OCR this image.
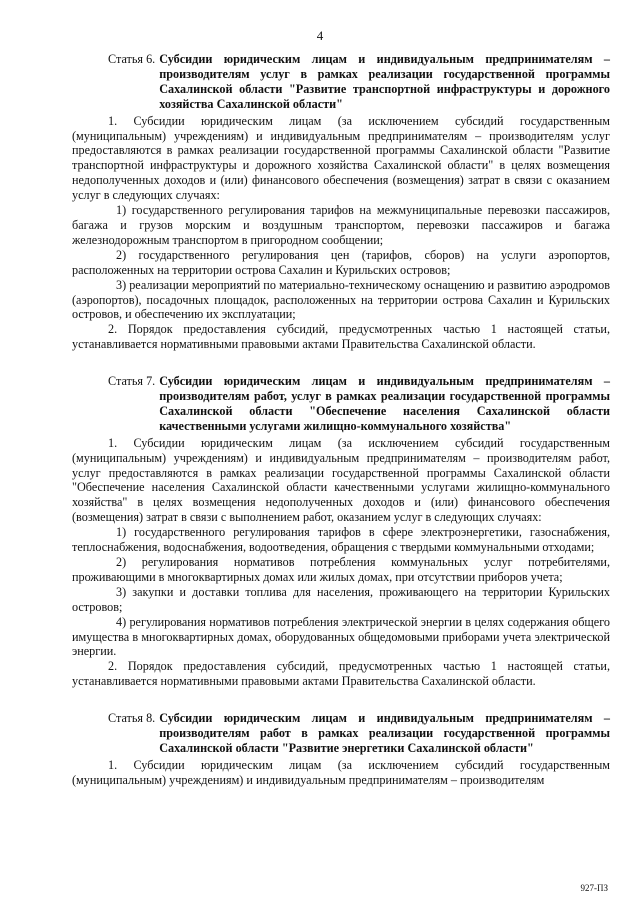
4
Статья 6. Субсидии юридическим лицам и индивидуальным предпринимателям – производителям услуг в рамках реализации государственной программы Сахалинской области "Развитие транспортной инфраструктуры и дорожного хозяйства Сахалинской области"

1. Субсидии юридическим лицам (за исключением субсидий государственным (муниципальным) учреждениям) и индивидуальным предпринимателям – производителям услуг предоставляются в рамках реализации государственной программы Сахалинской области "Развитие транспортной инфраструктуры и дорожного хозяйства Сахалинской области" в целях возмещения недополученных доходов и (или) финансового обеспечения (возмещения) затрат в связи с оказанием услуг в следующих случаях:

1) государственного регулирования тарифов на межмуниципальные перевозки пассажиров, багажа и грузов морским и воздушным транспортом, перевозки пассажиров и багажа железнодорожным транспортом в пригородном сообщении;

2) государственного регулирования цен (тарифов, сборов) на услуги аэропортов, расположенных на территории острова Сахалин и Курильских островов;

3) реализации мероприятий по материально-техническому оснащению и развитию аэродромов (аэропортов), посадочных площадок, расположенных на территории острова Сахалин и Курильских островов, и обеспечению их эксплуатации;

2. Порядок предоставления субсидий, предусмотренных частью 1 настоящей статьи, устанавливается нормативными правовыми актами Правительства Сахалинской области.

Статья 7. Субсидии юридическим лицам и индивидуальным предпринимателям – производителям работ, услуг в рамках реализации государственной программы Сахалинской области "Обеспечение населения Сахалинской области качественными услугами жилищно-коммунального хозяйства"

1. Субсидии юридическим лицам (за исключением субсидий государственным (муниципальным) учреждениям) и индивидуальным предпринимателям – производителям работ, услуг предоставляются в рамках реализации государственной программы Сахалинской области "Обеспечение населения Сахалинской области качественными услугами жилищно-коммунального хозяйства" в целях возмещения недополученных доходов и (или) финансового обеспечения (возмещения) затрат в связи с выполнением работ, оказанием услуг в следующих случаях:

1) государственного регулирования тарифов в сфере электроэнергетики, газоснабжения, теплоснабжения, водоснабжения, водоотведения, обращения с твердыми коммунальными отходами;

2) регулирования нормативов потребления коммунальных услуг потребителями, проживающими в многоквартирных домах или жилых домах, при отсутствии приборов учета;

3) закупки и доставки топлива для населения, проживающего на территории Курильских островов;

4) регулирования нормативов потребления электрической энергии в целях содержания общего имущества в многоквартирных домах, оборудованных общедомовыми приборами учета электрической энергии.

2. Порядок предоставления субсидий, предусмотренных частью 1 настоящей статьи, устанавливается нормативными правовыми актами Правительства Сахалинской области.

Статья 8. Субсидии юридическим лицам и индивидуальным предпринимателям – производителям работ в рамках реализации государственной программы Сахалинской области "Развитие энергетики Сахалинской области"

1. Субсидии юридическим лицам (за исключением субсидий государственным (муниципальным) учреждениям) и индивидуальным предпринимателям – производителям

927-ПЗ
